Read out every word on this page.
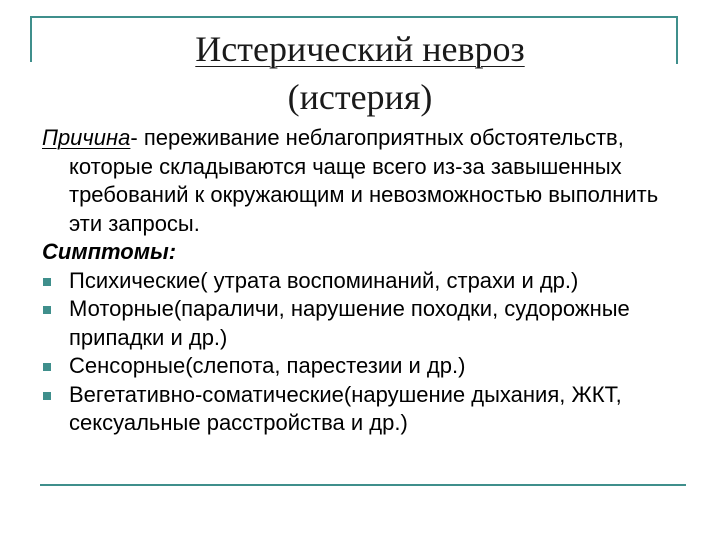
Истерический невроз
(истерия)

Причина- переживание неблагоприятных обстоятельств, которые складываются чаще всего из-за завышенных требований к окружающим и невозможностью выполнить эти запросы.

Симптомы:

Психические( утрата воспоминаний, страхи и др.)
Моторные(параличи, нарушение походки, судорожные припадки и др.)
Сенсорные(слепота, парестезии и др.)
Вегетативно-соматические(нарушение дыхания, ЖКТ, сексуальные расстройства и др.)
